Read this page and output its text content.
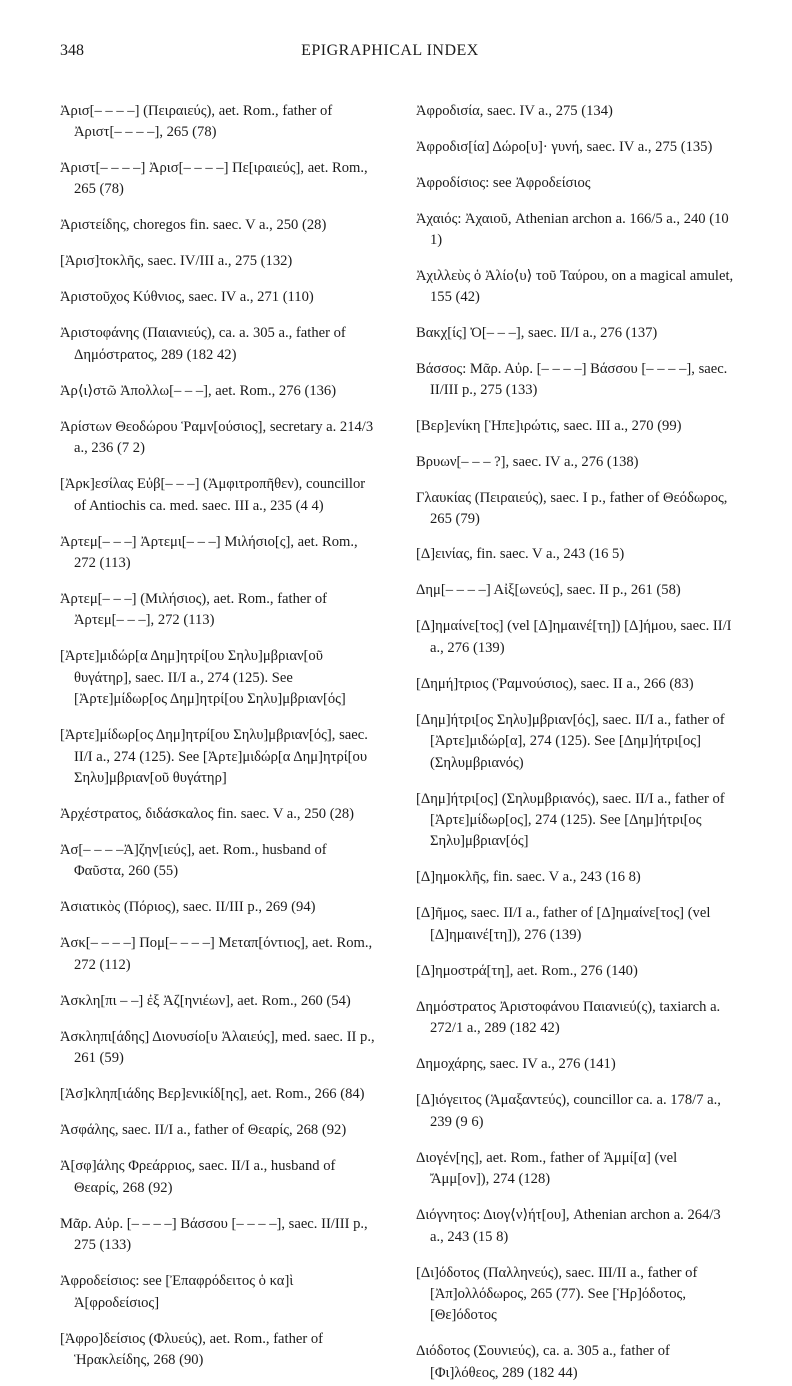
348	EPIGRAPHICAL INDEX

Ἀρισ[– – – –] (Πειραιεύς), aet. Rom., father of Ἀριστ[– – – –], 265 (78)

Ἀριστ[– – – –] Ἀρισ[– – – –] Πε[ιραιεύς], aet. Rom., 265 (78)

Ἀριστείδης, choregos fin. saec. V a., 250 (28)

[Ἀρισ]τοκλῆς, saec. IV/III a., 275 (132)

Ἀριστοῦχος Κύθνιος, saec. IV a., 271 (110)

Ἀριστοφάνης (Παιανιεύς), ca. a. 305 a., father of Δημόστρατος, 289 (182 42)

Ἀρ⟨ι⟩στῶ Ἀπολλω[– – –], aet. Rom., 276 (136)

Ἀρίστων Θεοδώρου Ῥαμν[ούσιος], secretary a. 214/3 a., 236 (7 2)

[Ἀρκ]εσίλας Εὐβ[– – –] (Ἀμφιτροπῆθεν), councillor of Antiochis ca. med. saec. III a., 235 (4 4)

Ἀρτεμ[– – –] Ἀρτεμι[– – –] Μιλήσιο[ς], aet. Rom., 272 (113)

Ἀρτεμ[– – –] (Μιλήσιος), aet. Rom., father of Ἀρτεμ[– – –], 272 (113)

[Ἀρτε]μιδώρ[α Δημ]ητρί[ου Σηλυ]μβριαν[οῦ θυγάτηρ], saec. II/I a., 274 (125). See [Ἀρτε]μίδωρ[ος Δημ]ητρί[ου Σηλυ]μβριαν[ός]

[Ἀρτε]μίδωρ[ος Δημ]ητρί[ου Σηλυ]μβριαν[ός], saec. II/I a., 274 (125). See [Ἀρτε]μιδώρ[α Δημ]ητρί[ου Σηλυ]μβριαν[οῦ θυγάτηρ]

Ἀρχέστρατος, διδάσκαλος fin. saec. V a., 250 (28)

Ἀσ[– – – –Ἀ]ζην[ιεύς], aet. Rom., husband of Φαῦστα, 260 (55)

Ἀσιατικὸς (Πόριος), saec. II/III p., 269 (94)

Ἀσκ[– – – –] Πομ[– – – –] Μεταπ[όντιος], aet. Rom., 272 (112)

Ἀσκλη[πι – –] ἐξ Ἀζ[ηνιέων], aet. Rom., 260 (54)

Ἀσκληπι[άδης] Διονυσίο[υ Ἁλαιεύς], med. saec. II p., 261 (59)

[Ἀσ]κληπ[ιάδης Βερ]ενικίδ[ης], aet. Rom., 266 (84)

Ἀσφάλης, saec. II/I a., father of Θεαρίς, 268 (92)

Ἀ[σφ]άλης Φρεάρριος, saec. II/I a., husband of Θεαρίς, 268 (92)

Μᾶρ. Αὐρ. [– – – –] Βάσσου [– – – –], saec. II/III p., 275 (133)

Ἀφροδείσιος: see [Ἐπαφρόδειτος ὁ κα]ὶ Ἀ[φροδείσιος]

[Ἀφρο]δείσιος (Φλυεύς), aet. Rom., father of Ἡρακλείδης, 268 (90)

Ἀφροδισία, saec. IV a., 275 (134)

Ἀφροδισ[ία] Δώρο[υ]· γυνή, saec. IV a., 275 (135)

Ἀφροδίσιος: see Ἀφροδείσιος

Ἀχαιός: Ἀχαιοῦ, Athenian archon a. 166/5 a., 240 (10 1)

Ἀχιλλεὺς ὁ Ἀλίο⟨υ⟩ τοῦ Ταύρου, on a magical amulet, 155 (42)

Βακχ[ίς] Ὀ[– – –], saec. II/I a., 276 (137)

Βάσσος: Μᾶρ. Αὐρ. [– – – –] Βάσσου [– – – –], saec. II/III p., 275 (133)

[Βερ]ενίκη [Ἡπε]ιρώτις, saec. III a., 270 (99)

Βρυων[– – – ?], saec. IV a., 276 (138)

Γλαυκίας (Πειραιεύς), saec. I p., father of Θεόδωρος, 265 (79)

[Δ]εινίας, fin. saec. V a., 243 (16 5)

Δημ[– – – –] Αἰξ[ωνεύς], saec. II p., 261 (58)

[Δ]ημαίνε[τος] (vel [Δ]ημαινέ[τη]) [Δ]ήμου, saec. II/I a., 276 (139)

[Δημή]τριος (Ῥαμνούσιος), saec. II a., 266 (83)

[Δημ]ήτρι[ος Σηλυ]μβριαν[ός], saec. II/I a., father of [Ἀρτε]μιδώρ[α], 274 (125). See [Δημ]ήτρι[ος] (Σηλυμβριανός)

[Δημ]ήτρι[ος] (Σηλυμβριανός), saec. II/I a., father of [Ἀρτε]μίδωρ[ος], 274 (125). See [Δημ]ήτρι[ος Σηλυ]μβριαν[ός]

[Δ]ημοκλῆς, fin. saec. V a., 243 (16 8)

[Δ]ῆμος, saec. II/I a., father of [Δ]ημαίνε[τος] (vel [Δ]ημαινέ[τη]), 276 (139)

[Δ]ημοστρά[τη], aet. Rom., 276 (140)

Δημόστρατος Ἀριστοφάνου Παιανιεύ(ς), taxiarch a. 272/1 a., 289 (182 42)

Δημοχάρης, saec. IV a., 276 (141)

[Δ]ιόγειτος (Ἁμαξαντεύς), councillor ca. a. 178/7 a., 239 (9 6)

Διογέν[ης], aet. Rom., father of Ἀμμί[α] (vel Ἄμμ[ον]), 274 (128)

Διόγνητος: Διογ⟨ν⟩ήτ[ου], Athenian archon a. 264/3 a., 243 (15 8)

[Δι]όδοτος (Παλληνεύς), saec. III/II a., father of [Ἀπ]ολλόδωρος, 265 (77). See [Ἡρ]όδοτος, [Θε]όδοτος

Διόδοτος (Σουνιεύς), ca. a. 305 a., father of [Φι]λόθεος, 289 (182 44)
